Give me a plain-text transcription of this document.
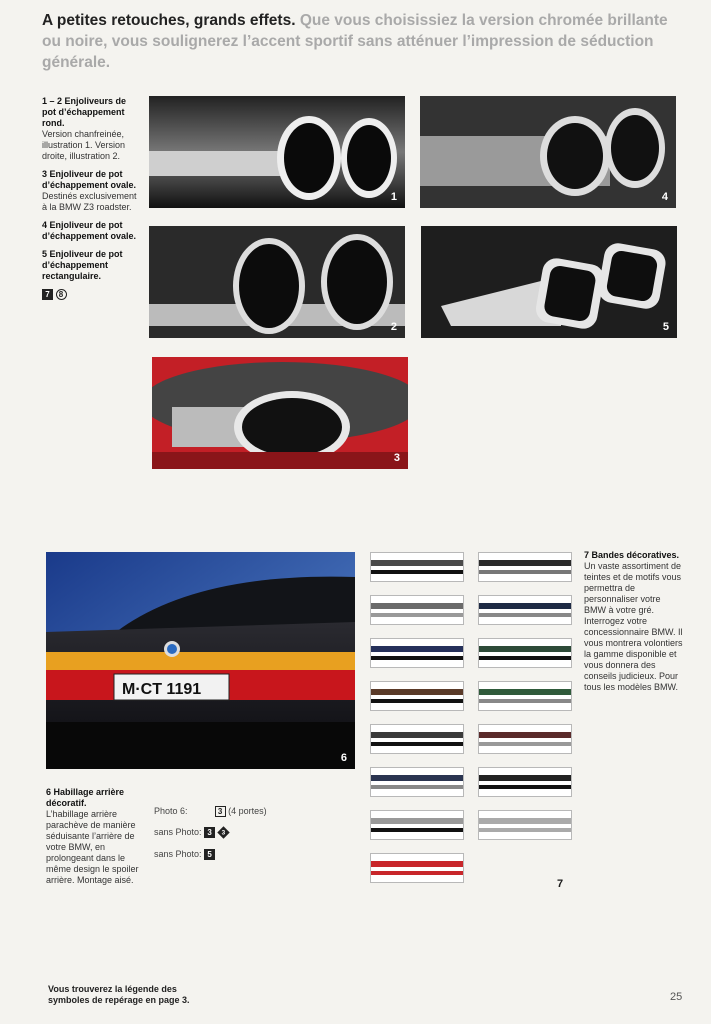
A petites retouches, grands effets. Que vous choisissiez la version chromée brillante ou noire, vous soulignerez l’accent sportif sans atténuer l’impression de séduction générale.

1 – 2 Enjoliveurs de pot d’échappement rond.
Version chanfreinée, illustration 1. Version droite, illustration 2.

3 Enjoliveur de pot d’échappement ovale.
Destinés exclusivement à la BMW Z3 roadster.

4 Enjoliveur de pot d’échappement ovale.

5 Enjoliveur de pot d’échappement rectangulaire.

7 8
1	4
2	5
3
M·CT 1191
6
6 Habillage arrière décoratif.
L’habillage arrière parachève de manière séduisante l’arrière de votre BMW, en prolongeant dans le même design le spoiler arrière. Montage aisé.
Photo 6:	3 (4 portes)
sans Photo: 3 3
sans Photo: 5
7
7 Bandes décoratives.
Un vaste assortiment de teintes et de motifs vous permettra de personnaliser votre BMW à votre gré. Interrogez votre concessionnaire BMW. Il vous montrera volontiers la gamme disponible et vous donnera des conseils judicieux. Pour tous les modèles BMW.
Vous trouverez la légende des symboles de repérage en page 3.	25
